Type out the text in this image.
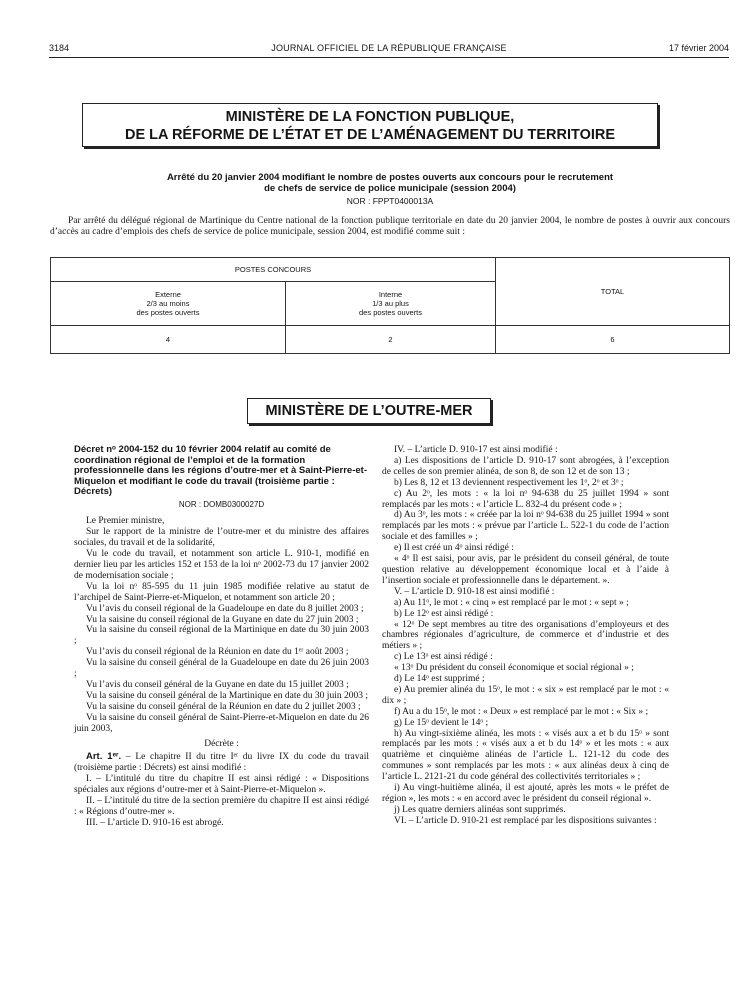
3184	JOURNAL OFFICIEL DE LA RÉPUBLIQUE FRANÇAISE	17 février 2004
MINISTÈRE DE LA FONCTION PUBLIQUE,
DE LA RÉFORME DE L’ÉTAT ET DE L’AMÉNAGEMENT DU TERRITOIRE
Arrêté du 20 janvier 2004 modifiant le nombre de postes ouverts aux concours pour le recrutement
de chefs de service de police municipale (session 2004)
NOR : FPPT0400013A
Par arrêté du délégué régional de Martinique du Centre national de la fonction publique territoriale en date du 20 janvier 2004, le nombre de postes à ouvrir aux concours d’accès au cadre d’emplois des chefs de service de police municipale, session 2004, est modifié comme suit :
POSTES CONCOURS		TOTAL

Externe
2/3 au moins
des postes ouverts	Interne
1/3 au plus
des postes ouverts	

4	2	6
MINISTÈRE DE L’OUTRE-MER
Décret nᵒ 2004-152 du 10 février 2004 relatif au comité de coordination régional de l’emploi et de la formation professionnelle dans les régions d’outre-mer et à Saint-Pierre-et-Miquelon et modifiant le code du travail (troisième partie : Décrets)
NOR : DOMB0300027D

Le Premier ministre,

Sur le rapport de la ministre de l’outre-mer et du ministre des affaires sociales, du travail et de la solidarité,

Vu le code du travail, et notamment son article L. 910-1, modifié en dernier lieu par les articles 152 et 153 de la loi nᵒ 2002-73 du 17 janvier 2002 de modernisation sociale ;

Vu la loi nᵒ 85-595 du 11 juin 1985 modifiée relative au statut de l’archipel de Saint-Pierre-et-Miquelon, et notamment son article 20 ;

Vu l’avis du conseil régional de la Guadeloupe en date du 8 juillet 2003 ;

Vu la saisine du conseil régional de la Guyane en date du 27 juin 2003 ;

Vu la saisine du conseil régional de la Martinique en date du 30 juin 2003 ;

Vu l’avis du conseil régional de la Réunion en date du 1ᵉʳ août 2003 ;

Vu la saisine du conseil général de la Guadeloupe en date du 26 juin 2003 ;

Vu l’avis du conseil général de la Guyane en date du 15 juillet 2003 ;

Vu la saisine du conseil général de la Martinique en date du 30 juin 2003 ;

Vu la saisine du conseil général de la Réunion en date du 2 juillet 2003 ;

Vu la saisine du conseil général de Saint-Pierre-et-Miquelon en date du 26 juin 2003,

Décrète :

Art. 1ᵉʳ. – Le chapitre II du titre Iᵉʳ du livre IX du code du travail (troisième partie : Décrets) est ainsi modifié :

I. – L’intitulé du titre du chapitre II est ainsi rédigé : « Dispositions spéciales aux régions d’outre-mer et à Saint-Pierre-et-Miquelon ».

II. – L’intitulé du titre de la section première du chapitre II est ainsi rédigé : « Régions d’outre-mer ».

III. – L’article D. 910-16 est abrogé.

IV. – L’article D. 910-17 est ainsi modifié :

a) Les dispositions de l’article D. 910-17 sont abrogées, à l’exception de celles de son premier alinéa, de son 8, de son 12 et de son 13 ;

b) Les 8, 12 et 13 deviennent respectivement les 1ᵒ, 2ᵒ et 3ᵒ ;

c) Au 2ᵒ, les mots : « la loi nᵒ 94-638 du 25 juillet 1994 » sont remplacés par les mots : « l’article L. 832-4 du présent code » ;

d) Au 3ᵒ, les mots : « créée par la loi nᵒ 94-638 du 25 juillet 1994 » sont remplacés par les mots : « prévue par l’article L. 522-1 du code de l’action sociale et des familles » ;

e) Il est créé un 4ᵒ ainsi rédigé :

« 4ᵒ Il est saisi, pour avis, par le président du conseil général, de toute question relative au développement économique local et à l’aide à l’insertion sociale et professionnelle dans le département. ».

V. – L’article D. 910-18 est ainsi modifié :

a) Au 11ᵒ, le mot : « cinq » est remplacé par le mot : « sept » ;

b) Le 12ᵒ est ainsi rédigé :

« 12ᵒ De sept membres au titre des organisations d’employeurs et des chambres régionales d’agriculture, de commerce et d’industrie et des métiers » ;

c) Le 13ᵒ est ainsi rédigé :

« 13ᵒ Du président du conseil économique et social régional » ;

d) Le 14ᵒ est supprimé ;

e) Au premier alinéa du 15ᵒ, le mot : « six » est remplacé par le mot : « dix » ;

f) Au a du 15ᵒ, le mot : « Deux » est remplacé par le mot : « Six » ;

g) Le 15ᵒ devient le 14ᵒ ;

h) Au vingt-sixième alinéa, les mots : « visés aux a et b du 15ᵒ » sont remplacés par les mots : « visés aux a et b du 14ᵒ » et les mots : « aux quatrième et cinquième alinéas de l’article L. 121-12 du code des communes » sont remplacés par les mots : « aux alinéas deux à cinq de l’article L. 2121-21 du code général des collectivités territoriales » ;

i) Au vingt-huitième alinéa, il est ajouté, après les mots « le préfet de région », les mots : « en accord avec le président du conseil régional ».

j) Les quatre derniers alinéas sont supprimés.

VI. – L’article D. 910-21 est remplacé par les dispositions suivantes :
